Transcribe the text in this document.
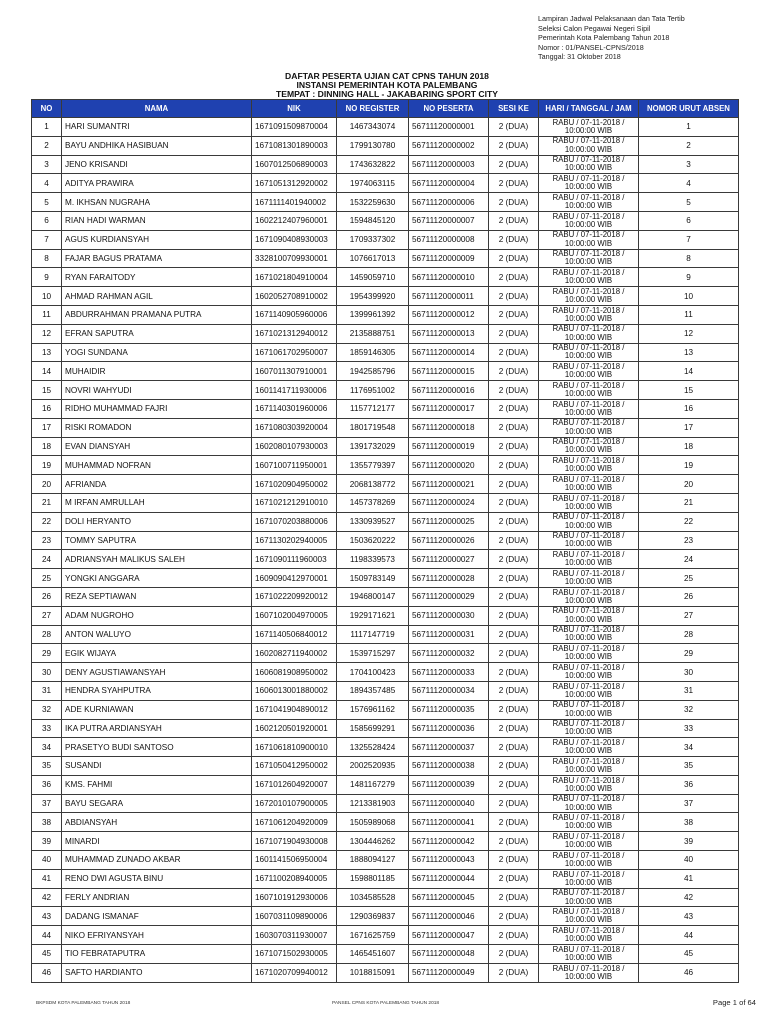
Lampiran Jadwal Pelaksanaan dan Tata Tertib
Seleksi Calon Pegawai Negeri Sipil
Pemerintah Kota Palembang Tahun 2018
Nomor : 01/PANSEL-CPNS/2018
Tanggal: 31 Oktober 2018
DAFTAR PESERTA UJIAN CAT CPNS TAHUN 2018
INSTANSI PEMERINTAH KOTA PALEMBANG
TEMPAT : DINNING HALL - JAKABARING SPORT CITY
NO	NAMA	NIK	NO REGISTER	NO PESERTA	SESI KE	HARI / TANGGAL / JAM	NOMOR URUT ABSEN
1	HARI SUMANTRI	1671091509870004	1467343074	56711120000001	2 (DUA)	RABU / 07-11-2018 /
10:00:00 WIB	1
2	BAYU ANDHIKA HASIBUAN	1671081301890003	1799130780	56711120000002	2 (DUA)	RABU / 07-11-2018 /
10:00:00 WIB	2
3	JENO KRISANDI	1607012506890003	1743632822	56711120000003	2 (DUA)	RABU / 07-11-2018 /
10:00:00 WIB	3
4	ADITYA PRAWIRA	1671051312920002	1974063115	56711120000004	2 (DUA)	RABU / 07-11-2018 /
10:00:00 WIB	4
5	M. IKHSAN NUGRAHA	1671111401940002	1532259630	56711120000006	2 (DUA)	RABU / 07-11-2018 /
10:00:00 WIB	5
6	RIAN HADI WARMAN	1602212407960001	1594845120	56711120000007	2 (DUA)	RABU / 07-11-2018 /
10:00:00 WIB	6
7	AGUS KURDIANSYAH	1671090408930003	1709337302	56711120000008	2 (DUA)	RABU / 07-11-2018 /
10:00:00 WIB	7
8	FAJAR BAGUS PRATAMA	3328100709930001	1076617013	56711120000009	2 (DUA)	RABU / 07-11-2018 /
10:00:00 WIB	8
9	RYAN FARAITODY	1671021804910004	1459059710	56711120000010	2 (DUA)	RABU / 07-11-2018 /
10:00:00 WIB	9
10	AHMAD RAHMAN AGIL	1602052708910002	1954399920	56711120000011	2 (DUA)	RABU / 07-11-2018 /
10:00:00 WIB	10
11	ABDURRAHMAN PRAMANA PUTRA	1671140905960006	1399961392	56711120000012	2 (DUA)	RABU / 07-11-2018 /
10:00:00 WIB	11
12	EFRAN SAPUTRA	1671021312940012	2135888751	56711120000013	2 (DUA)	RABU / 07-11-2018 /
10:00:00 WIB	12
13	YOGI SUNDANA	1671061702950007	1859146305	56711120000014	2 (DUA)	RABU / 07-11-2018 /
10:00:00 WIB	13
14	MUHAIDIR	1607011307910001	1942585796	56711120000015	2 (DUA)	RABU / 07-11-2018 /
10:00:00 WIB	14
15	NOVRI WAHYUDI	1601141711930006	1176951002	56711120000016	2 (DUA)	RABU / 07-11-2018 /
10:00:00 WIB	15
16	RIDHO MUHAMMAD FAJRI	1671140301960006	1157712177	56711120000017	2 (DUA)	RABU / 07-11-2018 /
10:00:00 WIB	16
17	RISKI ROMADON	1671080303920004	1801719548	56711120000018	2 (DUA)	RABU / 07-11-2018 /
10:00:00 WIB	17
18	EVAN DIANSYAH	1602080107930003	1391732029	56711120000019	2 (DUA)	RABU / 07-11-2018 /
10:00:00 WIB	18
19	MUHAMMAD NOFRAN	1607100711950001	1355779397	56711120000020	2 (DUA)	RABU / 07-11-2018 /
10:00:00 WIB	19
20	AFRIANDA	1671020904950002	2068138772	56711120000021	2 (DUA)	RABU / 07-11-2018 /
10:00:00 WIB	20
21	M IRFAN AMRULLAH	1671021212910010	1457378269	56711120000024	2 (DUA)	RABU / 07-11-2018 /
10:00:00 WIB	21
22	DOLI HERYANTO	1671070203880006	1330939527	56711120000025	2 (DUA)	RABU / 07-11-2018 /
10:00:00 WIB	22
23	TOMMY SAPUTRA	1671130202940005	1503620222	56711120000026	2 (DUA)	RABU / 07-11-2018 /
10:00:00 WIB	23
24	ADRIANSYAH MALIKUS SALEH	1671090111960003	1198339573	56711120000027	2 (DUA)	RABU / 07-11-2018 /
10:00:00 WIB	24
25	YONGKI ANGGARA	1609090412970001	1509783149	56711120000028	2 (DUA)	RABU / 07-11-2018 /
10:00:00 WIB	25
26	REZA SEPTIAWAN	1671022209920012	1946800147	56711120000029	2 (DUA)	RABU / 07-11-2018 /
10:00:00 WIB	26
27	ADAM NUGROHO	1607102004970005	1929171621	56711120000030	2 (DUA)	RABU / 07-11-2018 /
10:00:00 WIB	27
28	ANTON WALUYO	1671140506840012	1117147719	56711120000031	2 (DUA)	RABU / 07-11-2018 /
10:00:00 WIB	28
29	EGIK WIJAYA	1602082711940002	1539715297	56711120000032	2 (DUA)	RABU / 07-11-2018 /
10:00:00 WIB	29
30	DENY AGUSTIAWANSYAH	1606081908950002	1704100423	56711120000033	2 (DUA)	RABU / 07-11-2018 /
10:00:00 WIB	30
31	HENDRA SYAHPUTRA	1606013001880002	1894357485	56711120000034	2 (DUA)	RABU / 07-11-2018 /
10:00:00 WIB	31
32	ADE KURNIAWAN	1671041904890012	1576961162	56711120000035	2 (DUA)	RABU / 07-11-2018 /
10:00:00 WIB	32
33	IKA PUTRA ARDIANSYAH	1602120501920001	1585699291	56711120000036	2 (DUA)	RABU / 07-11-2018 /
10:00:00 WIB	33
34	PRASETYO BUDI SANTOSO	1671061810900010	1325528424	56711120000037	2 (DUA)	RABU / 07-11-2018 /
10:00:00 WIB	34
35	SUSANDI	1671050412950002	2002520935	56711120000038	2 (DUA)	RABU / 07-11-2018 /
10:00:00 WIB	35
36	KMS. FAHMI	1671012604920007	1481167279	56711120000039	2 (DUA)	RABU / 07-11-2018 /
10:00:00 WIB	36
37	BAYU SEGARA	1672010107900005	1213381903	56711120000040	2 (DUA)	RABU / 07-11-2018 /
10:00:00 WIB	37
38	ABDIANSYAH	1671061204920009	1505989068	56711120000041	2 (DUA)	RABU / 07-11-2018 /
10:00:00 WIB	38
39	MINARDI	1671071904930008	1304446262	56711120000042	2 (DUA)	RABU / 07-11-2018 /
10:00:00 WIB	39
40	MUHAMMAD ZUNADO AKBAR	1601141506950004	1888094127	56711120000043	2 (DUA)	RABU / 07-11-2018 /
10:00:00 WIB	40
41	RENO DWI AGUSTA BINU	1671100208940005	1598801185	56711120000044	2 (DUA)	RABU / 07-11-2018 /
10:00:00 WIB	41
42	FERLY ANDRIAN	1607101912930006	1034585528	56711120000045	2 (DUA)	RABU / 07-11-2018 /
10:00:00 WIB	42
43	DADANG ISMANAF	1607031109890006	1290369837	56711120000046	2 (DUA)	RABU / 07-11-2018 /
10:00:00 WIB	43
44	NIKO EFRIYANSYAH	1603070311930007	1671625759	56711120000047	2 (DUA)	RABU / 07-11-2018 /
10:00:00 WIB	44
45	TIO FEBRATAPUTRA	1671071502930005	1465451607	56711120000048	2 (DUA)	RABU / 07-11-2018 /
10:00:00 WIB	45
46	SAFTO HARDIANTO	1671020709940012	1018815091	56711120000049	2 (DUA)	RABU / 07-11-2018 /
10:00:00 WIB	46
BKPSDM KOTA PALEMBANG TAHUN 2018	PANSEL CPNS KOTA PALEMBANG TAHUN 2018	Page 1 of 64
